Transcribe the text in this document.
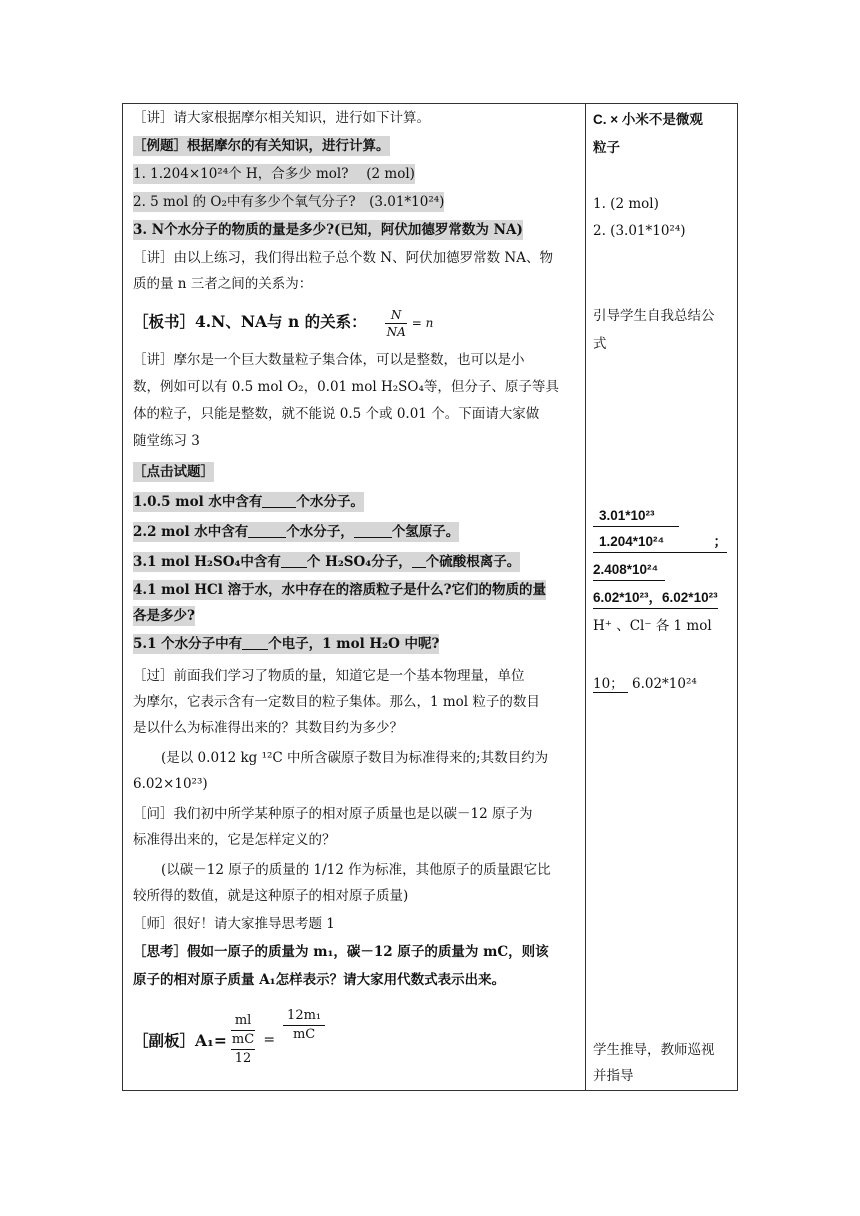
［讲］请大家根据摩尔相关知识，进行如下计算。
［例题］根据摩尔的有关知识，进行计算。
1. 1.204×10²⁴个 H，合多少 mol?　 (2 mol)
2. 5 mol 的 O₂中有多少个氧气分子?　(3.01*10²⁴)
3. N个水分子的物质的量是多少?(已知，阿伏加德罗常数为 NA)
［讲］由以上练习，我们得出粒子总个数 N、阿伏加德罗常数 NA、物
质的量 n 三者之间的关系为：
［板书］4.N、NA与 n 的关系： $\frac{N}{NA} = n$
［讲］摩尔是一个巨大数量粒子集合体，可以是整数，也可以是小
数，例如可以有 0.5 mol O₂，0.01 mol H₂SO₄等，但分子、原子等具
体的粒子，只能是整数，就不能说 0.5 个或 0.01 个。下面请大家做
随堂练习 3
［点击试题］
1.0.5 mol 水中含有	个水分子。
2.2 mol 水中含有	个水分子，	个氢原子。
3.1 mol H₂SO₄中含有 个 H₂SO₄分子， 个硫酸根离子。
4.1 mol HCl 溶于水，水中存在的溶质粒子是什么?它们的物质的量
各是多少?
5.1 个水分子中有 个电子，1 mol H₂O 中呢?
［过］前面我们学习了物质的量，知道它是一个基本物理量，单位
为摩尔，它表示含有一定数目的粒子集体。那么，1 mol 粒子的数目
是以什么为标准得出来的？其数目约为多少？
(是以 0.012 kg ¹²C 中所含碳原子数目为标准得来的;其数目约为
6.02×10²³)
［问］我们初中所学某种原子的相对原子质量也是以碳－12 原子为
标准得出来的，它是怎样定义的？
(以碳－12 原子的质量的 1/12 作为标准，其他原子的质量跟它比
较所得的数值，就是这种原子的相对原子质量)
［师］很好！请大家推导思考题 1
［思考］假如一原子的质量为 m₁，碳－12 原子的质量为 mC，则该
原子的相对原子质量 A₁怎样表示？请大家用代数式表示出来。
［副板］A₁=
ml
mC
12
= $\frac{\text{12m₁}}{mC}$
C. × 小米不是微观
粒子
1. (2 mol)
2. (3.01*10²⁴)
引导学生自我总结公
式
3.01*10²³
1.204*10²⁴	；
2.408*10²⁴
6.02*10²³，6.02*10²³
H⁺ 、Cl⁻ 各 1 mol
10； 6.02*10²⁴
学生推导，教师巡视
并指导
